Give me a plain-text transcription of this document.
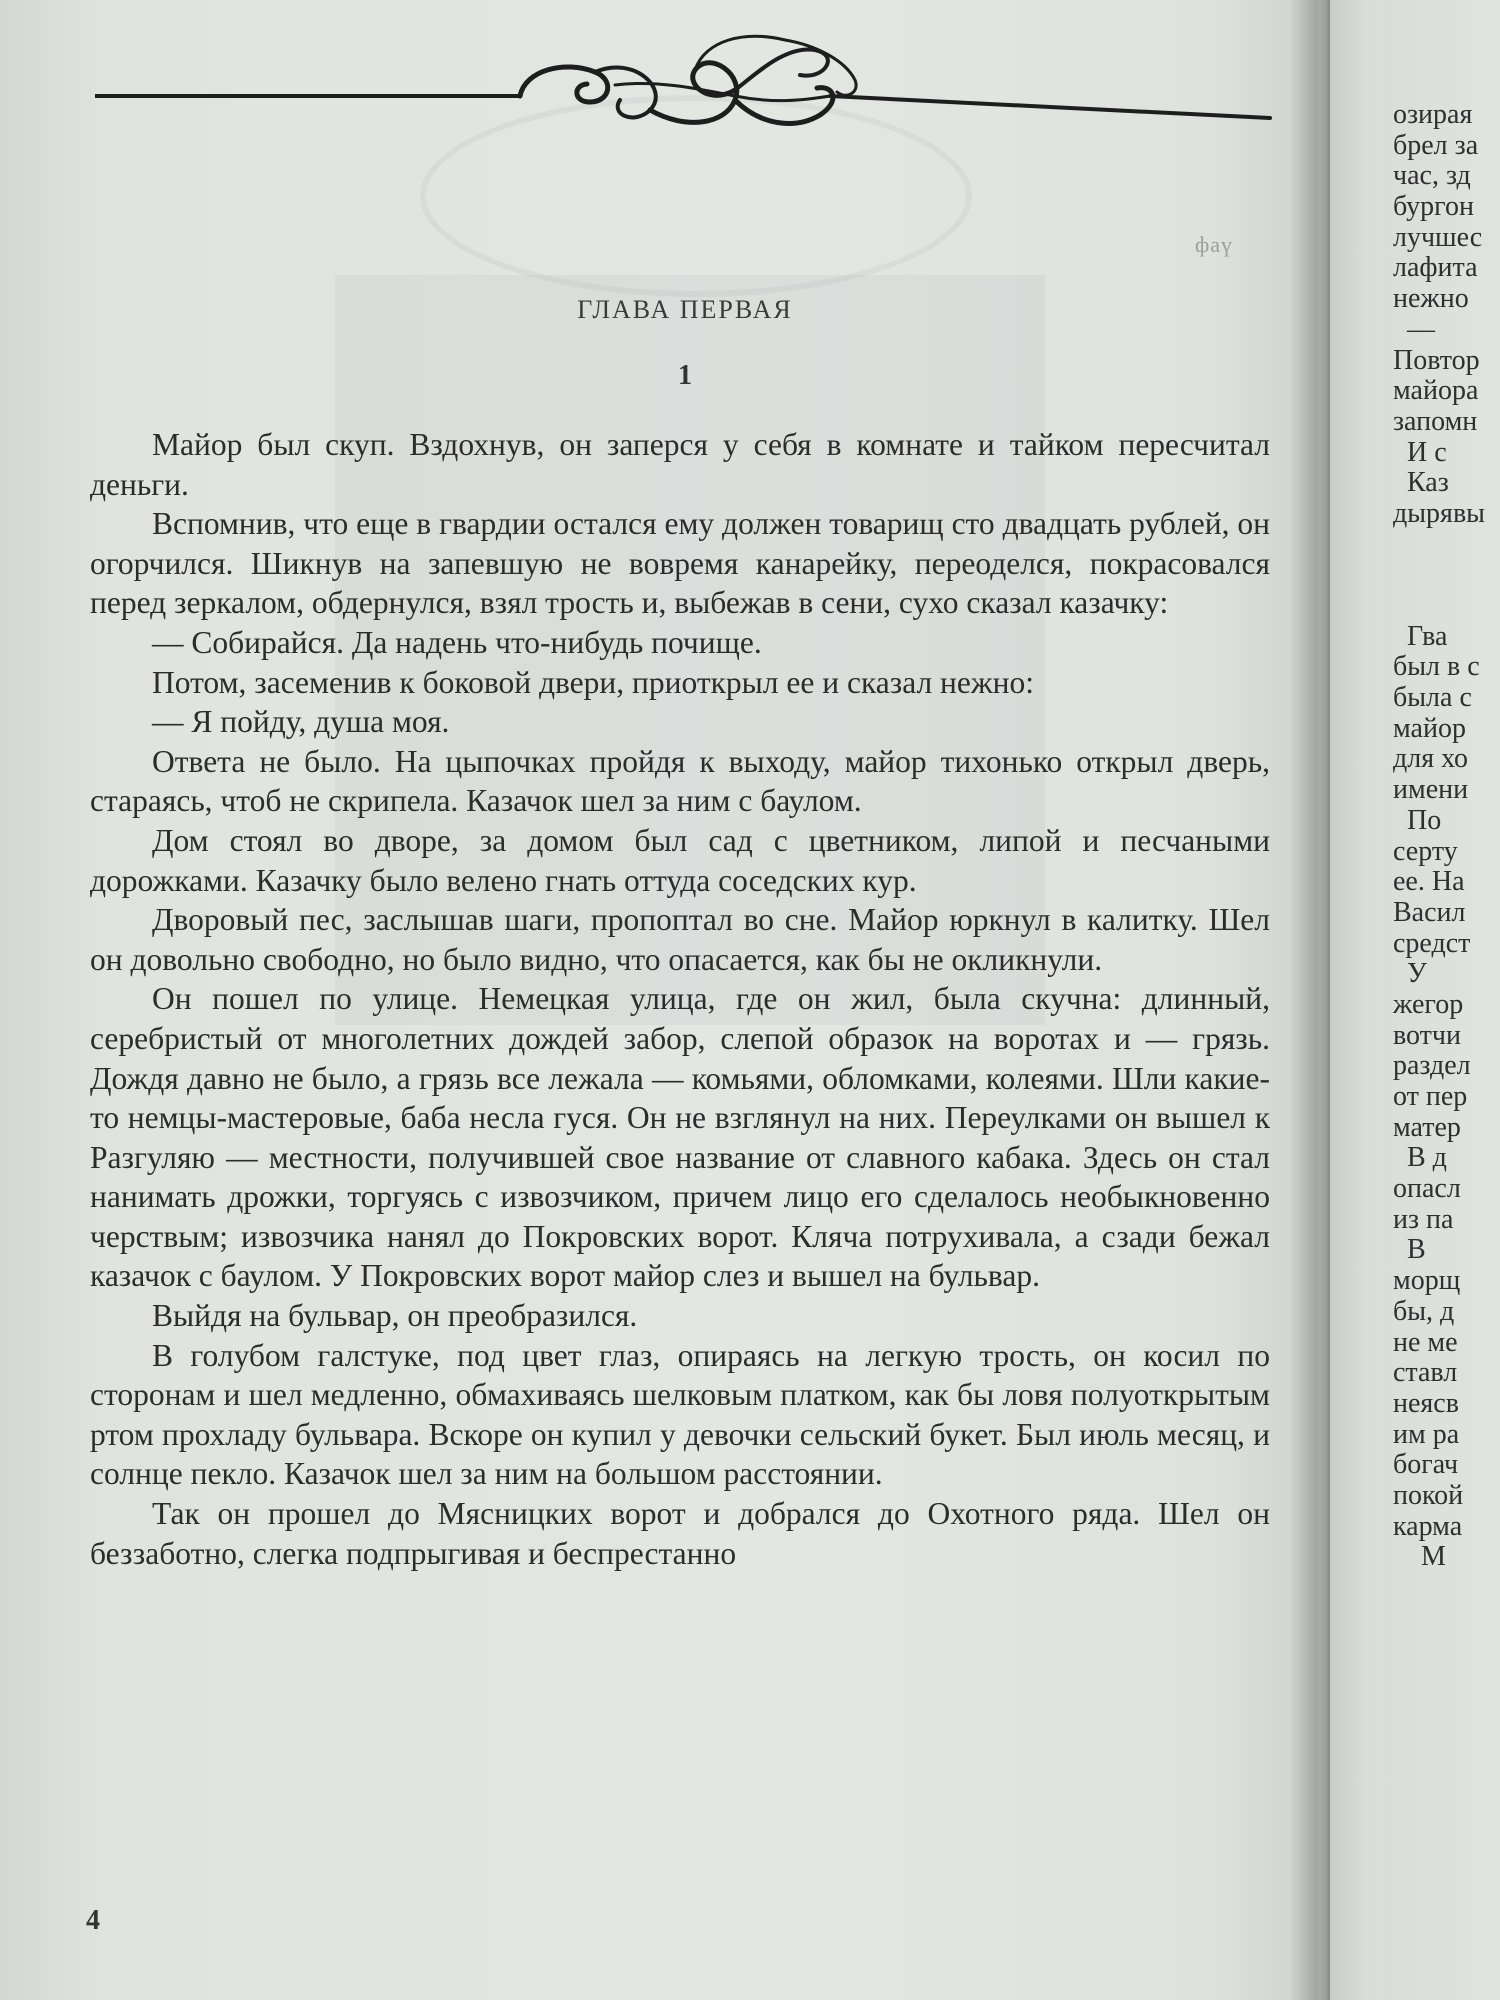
фаү
ГЛАВА ПЕРВАЯ
1

Майор был скуп. Вздохнув, он заперся у себя в комнате и тайком пересчитал деньги.

Вспомнив, что еще в гвардии остался ему должен товарищ сто двадцать рублей, он огорчился. Шикнув на запевшую не вовремя канарейку, переоделся, покрасовался перед зеркалом, обдернулся, взял трость и, выбежав в сени, сухо сказал казачку:

— Собирайся. Да надень что-нибудь почище.

Потом, засеменив к боковой двери, приоткрыл ее и сказал нежно:

— Я пойду, душа моя.

Ответа не было. На цыпочках пройдя к выходу, майор тихонько открыл дверь, стараясь, чтоб не скрипела. Казачок шел за ним с баулом.

Дом стоял во дворе, за домом был сад с цветником, липой и песчаными дорожками. Казачку было велено гнать оттуда соседских кур.

Дворовый пес, заслышав шаги, пропоптал во сне. Майор юркнул в калитку. Шел он довольно свободно, но было видно, что опасается, как бы не окликнули.

Он пошел по улице. Немецкая улица, где он жил, была скучна: длинный, серебристый от многолетних дождей забор, слепой образок на воротах и — грязь. Дождя давно не было, а грязь все лежала — комьями, обломками, колеями. Шли какие-то немцы-мастеровые, баба несла гуся. Он не взглянул на них. Переулками он вышел к Разгуляю — местности, получившей свое название от славного кабака. Здесь он стал нанимать дрожки, торгуясь с извозчиком, причем лицо его сделалось необыкновенно черствым; извозчика нанял до Покровских ворот. Кляча потрухивала, а сзади бежал казачок с баулом. У Покровских ворот майор слез и вышел на бульвар.

Выйдя на бульвар, он преобразился.

В голубом галстуке, под цвет глаз, опираясь на легкую трость, он косил по сторонам и шел медленно, обмахиваясь шелковым платком, как бы ловя полуоткрытым ртом прохладу бульвара. Вскоре он купил у девочки сельский букет. Был июль месяц, и солнце пекло. Казачок шел за ним на большом расстоянии.

Так он прошел до Мясницких ворот и добрался до Охотного ряда. Шел он беззаботно, слегка подпрыгивая и беспрестанно

4
озирая
брел за
час, зд
бургон
лучшес
лафита
нежно
—
Повтор
майора
запомн
И с
Каз
дырявы
Гва
был в с
была с
майор
для хо
имени
По
серту
ее. На
Васил
средст
У
жегор
вотчи
раздел
от пер
матер
В д
опасл
из па
В
морщ
бы, д
не ме
ставл
неясв
им ра
богач
покой
карма
М
